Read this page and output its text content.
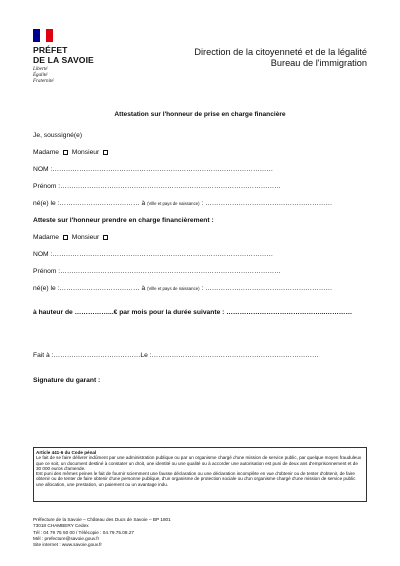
PRÉFET
DE LA SAVOIE
Liberté
Égalité
Fraternité
Direction de la citoyenneté et de la légalité
Bureau de l'immigration
Attestation sur l'honneur de prise en charge financière
Je, soussigné(e)
Madame Monsieur
NOM :………………………………………………………………………………………
Prénom :………………………………………………………………………………………
né(e) le :……………………………… à (Ville et pays de naissance) : …………………………………………………
Atteste sur l'honneur prendre en charge financièrement :
Madame Monsieur
NOM :………………………………………………………………………………………
Prénom :………………………………………………………………………………………
né(e) le :……………………………… à (Ville et pays de naissance) : …………………………………………………
à hauteur de ……………...€ par mois pour la durée suivante : ……………………………………...…………
Fait à :…………………………………Le :…………………………………………………………………
Signature du garant :
Article 441-6 du Code pénal
Le fait de se faire délivrer indûment par une administration publique ou par un organisme chargé d'une mission de service public, par quelque moyen frauduleux que ce soit, un document destiné à constater un droit, une identité ou une qualité ou à accorder une autorisation est puni de deux ans d'emprisonnement et de 30 000 euros d'amende.
Est puni des mêmes peines le fait de fournir sciemment une fausse déclaration ou une déclaration incomplète en vue d'obtenir ou de tenter d'obtenir, de faire obtenir ou de tenter de faire obtenir d'une personne publique, d'un organisme de protection sociale ou d'un organisme chargé d'une mission de service public une allocation, une prestation, un paiement ou un avantage indu.
Préfecture de la Savoie – Château des Ducs de Savoie – BP 1801
73018 CHAMBERY Cedex
Tél : 04 79 75 50 00 / Télécopie : 04.79.75.08.27
Mél : prefecture@savoie.gouv.fr
Site internet : www.savoie.gouv.fr
